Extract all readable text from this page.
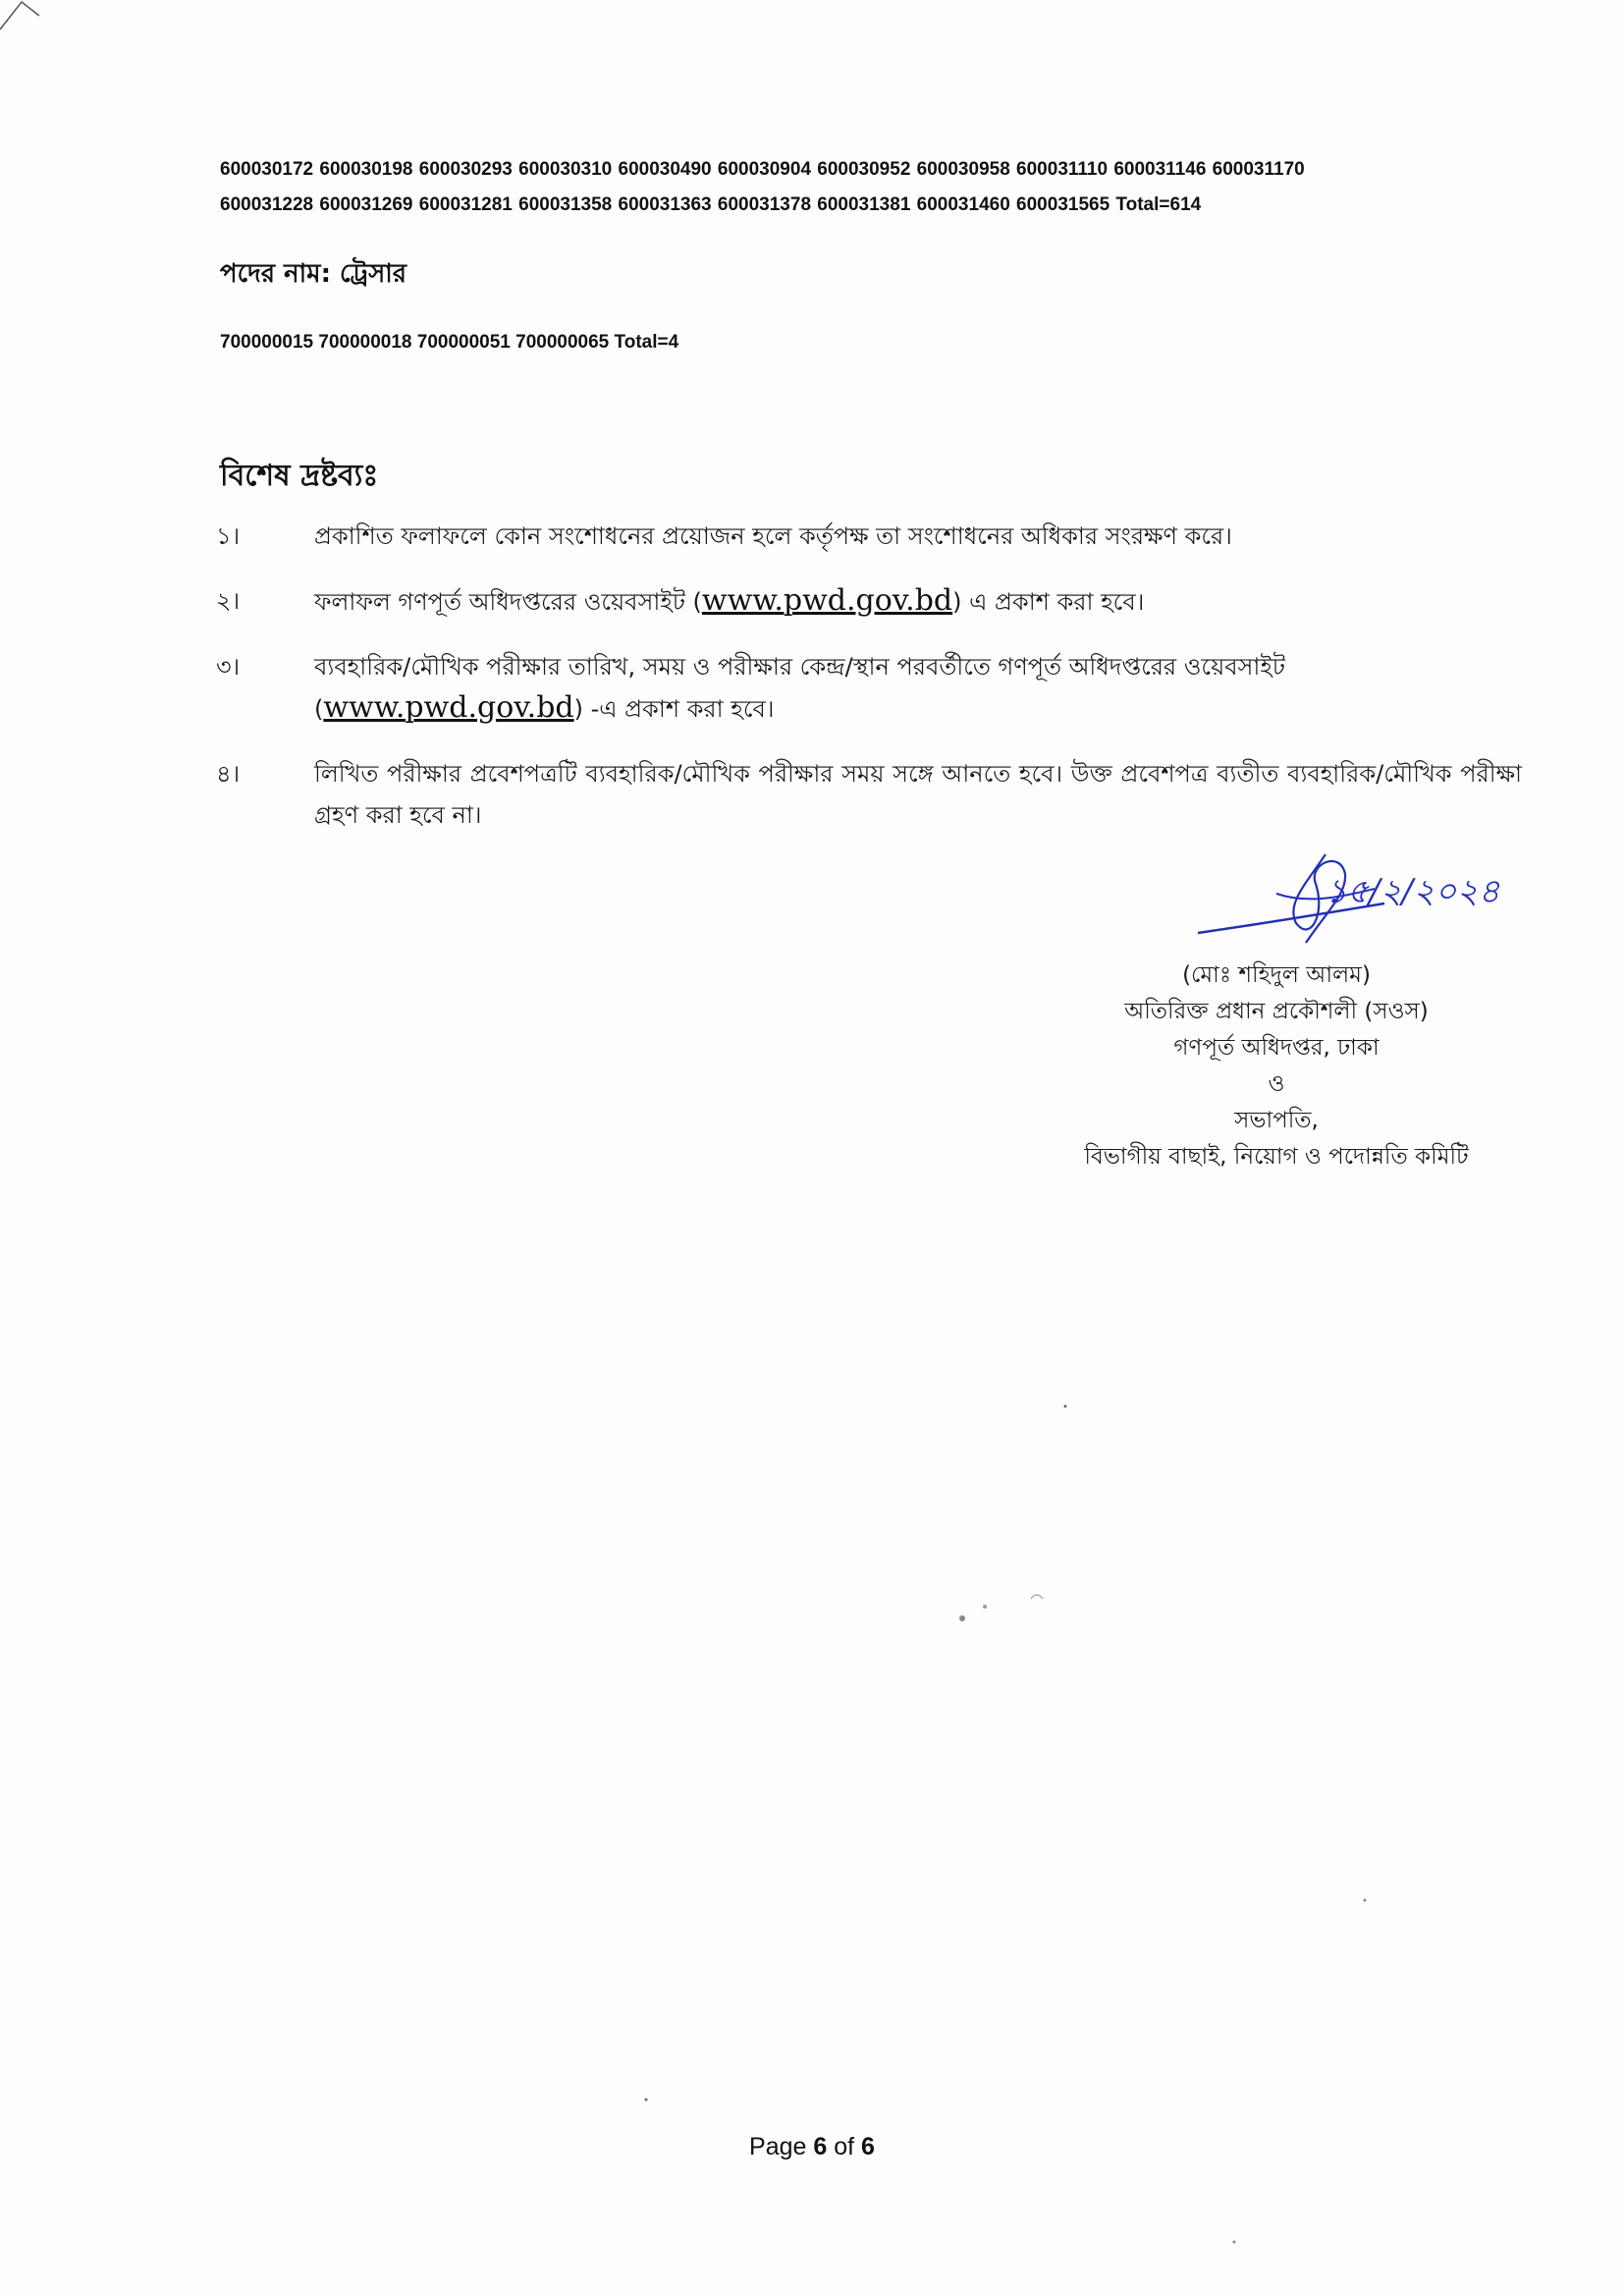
600030172 600030198 600030293 600030310 600030490 600030904 600030952 600030958 600031110 600031146 600031170
600031228 600031269 600031281 600031358 600031363 600031378 600031381 600031460 600031565 Total=614
পদের নাম: ট্রেসার
700000015 700000018 700000051 700000065 Total=4
বিশেষ দ্রষ্টব্যঃ
১।	প্রকাশিত ফলাফলে কোন সংশোধনের প্রয়োজন হলে কর্তৃপক্ষ তা সংশোধনের অধিকার সংরক্ষণ করে।
২।	ফলাফল গণপূর্ত অধিদপ্তরের ওয়েবসাইট (www.pwd.gov.bd) এ প্রকাশ করা হবে।
৩।	ব্যবহারিক/মৌখিক পরীক্ষার তারিখ, সময় ও পরীক্ষার কেন্দ্র/স্থান পরবর্তীতে গণপূর্ত অধিদপ্তরের ওয়েবসাইট (www.pwd.gov.bd) -এ প্রকাশ করা হবে।
৪।	লিখিত পরীক্ষার প্রবেশপত্রটি ব্যবহারিক/মৌখিক পরীক্ষার সময় সঙ্গে আনতে হবে। উক্ত প্রবেশপত্র ব্যতীত ব্যবহারিক/মৌখিক পরীক্ষা গ্রহণ করা হবে না।
১৫/২/২০২৪
(মোঃ শহিদুল আলম)
অতিরিক্ত প্রধান প্রকৌশলী (সওস)
গণপূর্ত অধিদপ্তর, ঢাকা
ও
সভাপতি,
বিভাগীয় বাছাই, নিয়োগ ও পদোন্নতি কমিটি
Page 6 of 6
